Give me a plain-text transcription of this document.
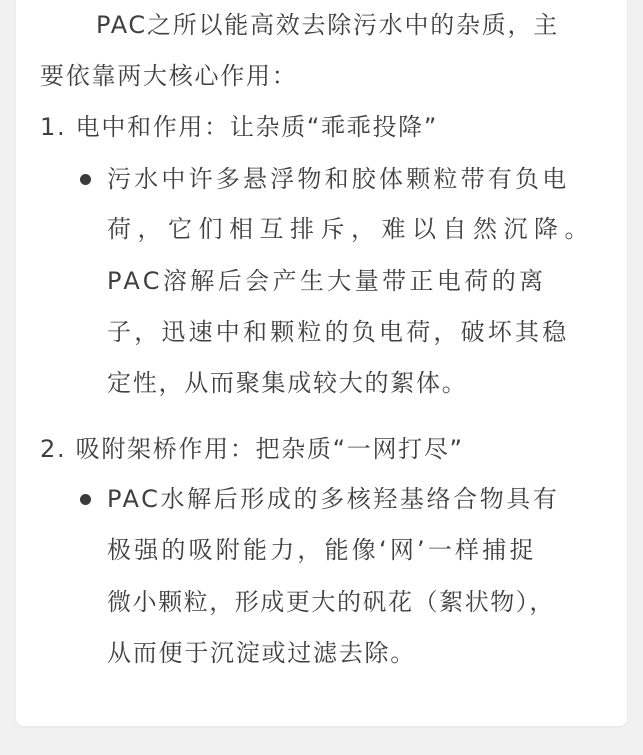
PAC之所以能高效去除污水中的杂质，主
要依靠两大核心作用：
1. 电中和作用：让杂质“乖乖投降”
污水中许多悬浮物和胶体颗粒带有负电
荷，它们相互排斥，难以自然沉降。
PAC溶解后会产生大量带正电荷的离
子，迅速中和颗粒的负电荷，破坏其稳
定性，从而聚集成较大的絮体。
2. 吸附架桥作用：把杂质“一网打尽”
PAC水解后形成的多核羟基络合物具有
极强的吸附能力，能像‘网’一样捕捉
微小颗粒，形成更大的矾花（絮状物），
从而便于沉淀或过滤去除。
